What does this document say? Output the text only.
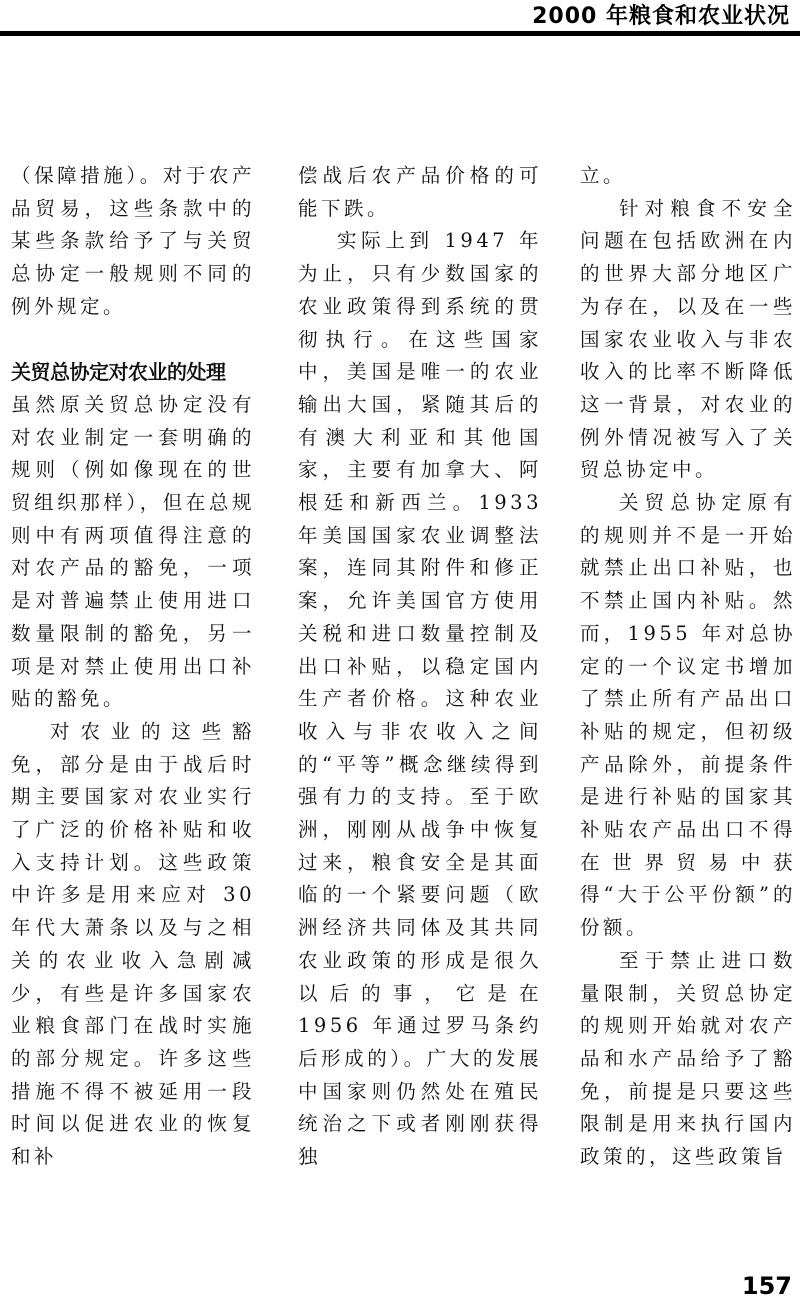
2000 年粮食和农业状况

（保障措施）。对于农产品贸易，这些条款中的某些条款给予了与关贸总协定一般规则不同的例外规定。

关贸总协定对农业的处理

虽然原关贸总协定没有对农业制定一套明确的规则（例如像现在的世贸组织那样），但在总规则中有两项值得注意的对农产品的豁免，一项是对普遍禁止使用进口数量限制的豁免，另一项是对禁止使用出口补贴的豁免。

对农业的这些豁免，部分是由于战后时期主要国家对农业实行了广泛的价格补贴和收入支持计划。这些政策中许多是用来应对 30 年代大萧条以及与之相关的农业收入急剧减少，有些是许多国家农业粮食部门在战时实施的部分规定。许多这些措施不得不被延用一段时间以促进农业的恢复和补

偿战后农产品价格的可能下跌。

实际上到 1947 年为止，只有少数国家的农业政策得到系统的贯彻执行。在这些国家中，美国是唯一的农业输出大国，紧随其后的有澳大利亚和其他国家，主要有加拿大、阿根廷和新西兰。1933 年美国国家农业调整法案，连同其附件和修正案，允许美国官方使用关税和进口数量控制及出口补贴，以稳定国内生产者价格。这种农业收入与非农收入之间的“平等”概念继续得到强有力的支持。至于欧洲，刚刚从战争中恢复过来，粮食安全是其面临的一个紧要问题（欧洲经济共同体及其共同农业政策的形成是很久以后的事，它是在 1956 年通过罗马条约后形成的）。广大的发展中国家则仍然处在殖民统治之下或者刚刚获得独

立。

针对粮食不安全问题在包括欧洲在内的世界大部分地区广为存在，以及在一些国家农业收入与非农收入的比率不断降低这一背景，对农业的例外情况被写入了关贸总协定中。

关贸总协定原有的规则并不是一开始就禁止出口补贴，也不禁止国内补贴。然而，1955 年对总协定的一个议定书增加了禁止所有产品出口补贴的规定，但初级产品除外，前提条件是进行补贴的国家其补贴农产品出口不得在世界贸易中获得“大于公平份额”的份额。

至于禁止进口数量限制，关贸总协定的规则开始就对农产品和水产品给予了豁免，前提是只要这些限制是用来执行国内政策的，这些政策旨

157
